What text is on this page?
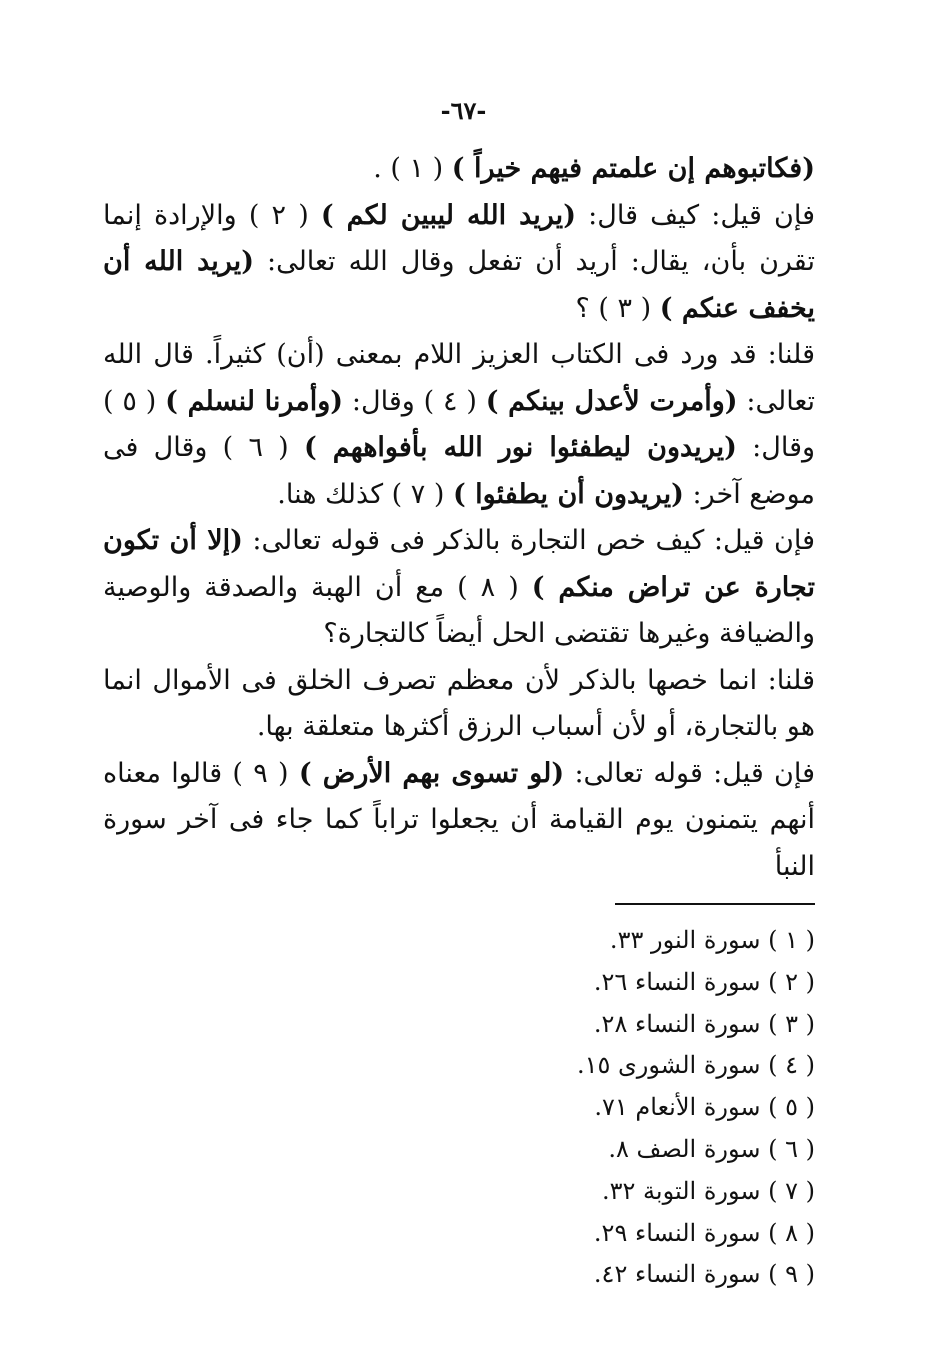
-٦٧-

(فكاتبوهم إن علمتم فيهم خيراً ) ( ١ ) .

فإن قيل: كيف قال: (يريد الله ليبين لكم ) ( ٢ ) والإرادة إنما تقرن بأن، يقال: أريد أن تفعل وقال الله تعالى: (يريد الله أن يخفف عنكم ) ( ٣ ) ؟

قلنا: قد ورد فى الكتاب العزيز اللام بمعنى (أن) كثيراً. قال الله تعالى: (وأمرت لأعدل بينكم ) ( ٤ ) وقال: (وأمرنا لنسلم ) ( ٥ ) وقال: (يريدون ليطفئوا نور الله بأفواههم ) ( ٦ ) وقال فى موضع آخر: (يريدون أن يطفئوا ) ( ٧ ) كذلك هنا.

فإن قيل: كيف خص التجارة بالذكر فى قوله تعالى: (إلا أن تكون تجارة عن تراض منكم ) ( ٨ ) مع أن الهبة والصدقة والوصية والضيافة وغيرها تقتضى الحل أيضاً كالتجارة؟

قلنا: انما خصها بالذكر لأن معظم تصرف الخلق فى الأموال انما هو بالتجارة، أو لأن أسباب الرزق أكثرها متعلقة بها.

فإن قيل: قوله تعالى: (لو تسوى بهم الأرض ) ( ٩ ) قالوا معناه أنهم يتمنون يوم القيامة أن يجعلوا تراباً كما جاء فى آخر سورة النبأ

( ١ ) سورة النور ٣٣.
( ٢ ) سورة النساء ٢٦.
( ٣ ) سورة النساء ٢٨.
( ٤ ) سورة الشورى ١٥.
( ٥ ) سورة الأنعام ٧١.
( ٦ ) سورة الصف ٨.
( ٧ ) سورة التوبة ٣٢.
( ٨ ) سورة النساء ٢٩.
( ٩ ) سورة النساء ٤٢.
